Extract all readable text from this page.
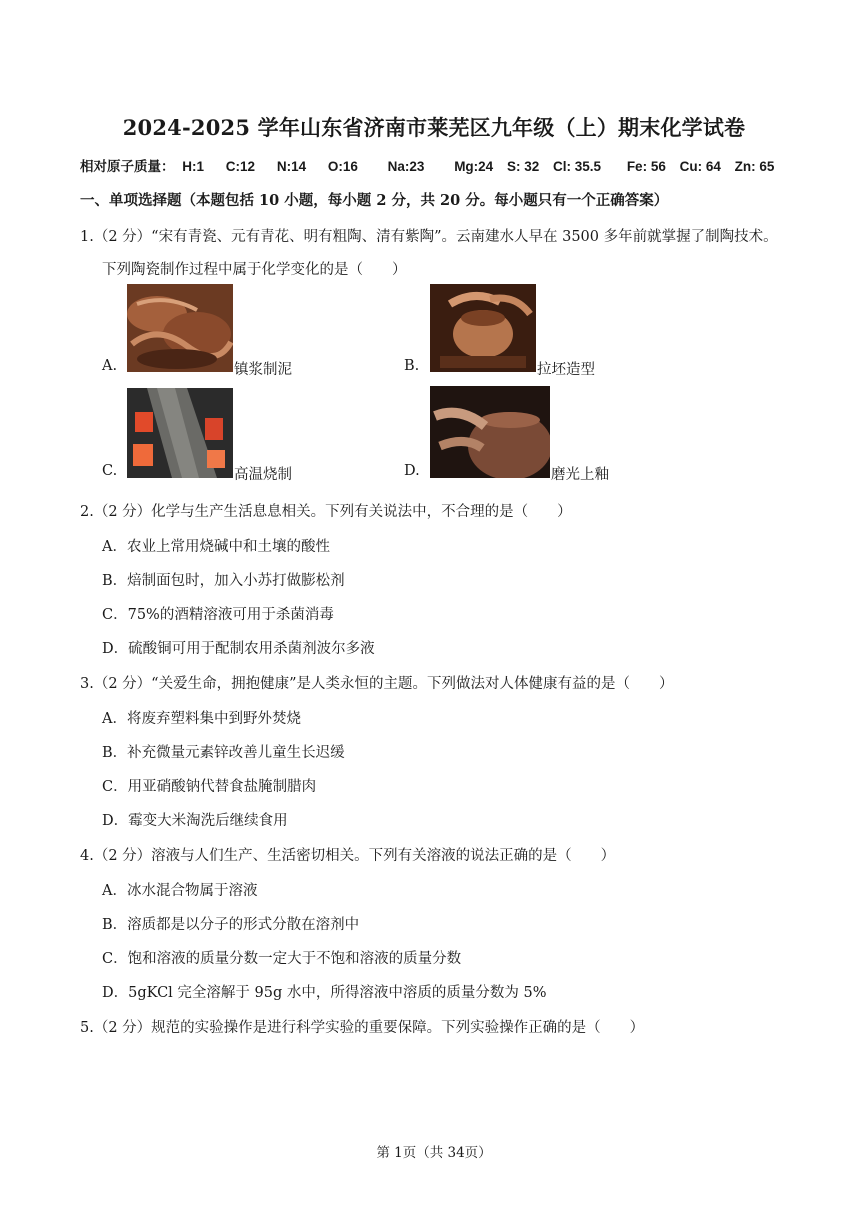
2024-2025 学年山东省济南市莱芜区九年级（上）期末化学试卷
相对原子质量： H:1 C:12 N:14 O:16 Na:23 Mg:24 S: 32 Cl: 35.5 Fe: 56 Cu: 64 Zn: 65
一、单项选择题（本题包括 10 小题，每小题 2 分，共 20 分。每小题只有一个正确答案）
1.（2 分）“宋有青瓷、元有青花、明有粗陶、清有紫陶”。云南建水人早在 3500 多年前就掌握了制陶技术。
下列陶瓷制作过程中属于化学变化的是（　　）
A.	镇浆制泥	B.	拉坯造型
C.	高温烧制	D.	磨光上釉
2.（2 分）化学与生产生活息息相关。下列有关说法中，不合理的是（　　）
A．农业上常用烧碱中和土壤的酸性
B．焙制面包时，加入小苏打做膨松剂
C．75%的酒精溶液可用于杀菌消毒
D．硫酸铜可用于配制农用杀菌剂波尔多液
3.（2 分）“关爱生命，拥抱健康”是人类永恒的主题。下列做法对人体健康有益的是（　　）
A．将废弃塑料集中到野外焚烧
B．补充微量元素锌改善儿童生长迟缓
C．用亚硝酸钠代替食盐腌制腊肉
D．霉变大米淘洗后继续食用
4.（2 分）溶液与人们生产、生活密切相关。下列有关溶液的说法正确的是（　　）
A．冰水混合物属于溶液
B．溶质都是以分子的形式分散在溶剂中
C．饱和溶液的质量分数一定大于不饱和溶液的质量分数
D．5gKCl 完全溶解于 95g 水中，所得溶液中溶质的质量分数为 5%
5.（2 分）规范的实验操作是进行科学实验的重要保障。下列实验操作正确的是（　　）
第 1页（共 34页）
